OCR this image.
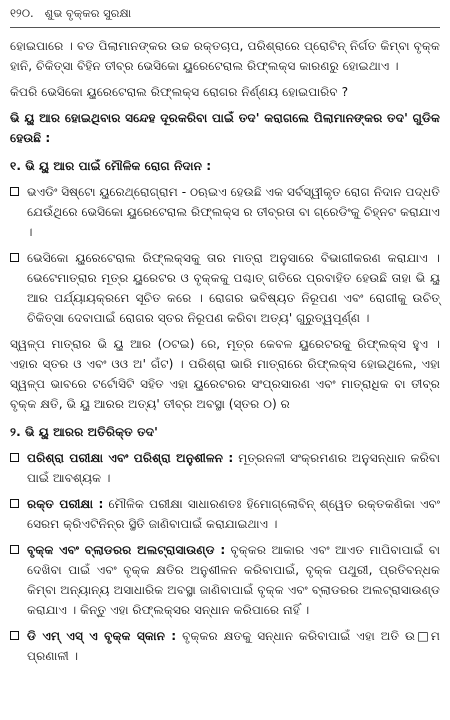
୧୨୦. ଶୁଭ ବୃକ୍କର ସୁରକ୍ଷା

ହୋଇପାରେ । ବଡ ପିଲାମାନଙ୍କର ଉଚ୍ଚ ରକ୍ତଚାପ, ପରିଶ୍ରାରେ ପ୍ରୋଟିନ୍ ନିର୍ଗତ କିମ୍ବା ବୃକ୍କ ହାନି, ଚିକିତ୍ସା ବିହିନ ତୀବ୍ର ଭେସିକୋ ୟୁରେଟେରାଲ ରିଫ୍ଲକ୍ସ କାରଣରୁ ହୋଇଥାଏ ।

କିପରି ଭେସିକୋ ୟୁରେଟେରାଲ ରିଫ୍ଲକ୍ସ ରୋଗର ନିର୍ଣ୍ଣୟ ହୋଇପାରିବ ?

ଭି ୟୁ ଆର ହୋଇଥିବାର ସନ୍ଦେହ ଦୂରକରିବା ପାଇଁ ତଦ' କରାଗଲେ ପିଲାମାନଙ୍କର ତଦ' ଗୁଡିକ ହେଉଛି :

୧. ଭି ୟୁ ଆର ପାଇଁ ମୌଳିକ ରୋଗ ନିଦାନ :

ଭଏଡିଂ ସିଷ୍ଟୋ ୟୁରେଥ୍ରୋଗ୍ରାମ - ଠଋଇଏ ହେଉଛି ଏକ ସର୍ବସ୍ୱୀକୃତ ରୋଗ ନିଦାନ ପଦ୍ଧତି ଯେଉଁଥିରେ ଭେସିକୋ ୟୁରେଟେରାଲ ରିଫ୍ଲକ୍ସ ର ତୀବ୍ରତା ବା ଗ୍ରେଡିଂକୁ ଚିହ୍ନଟ କରାଯାଏ ।
ଭେସିକୋ ୟୁରେଟେରାଲ ରିଫ୍ଲକ୍ସକୁ ତାର ମାତ୍ରା ଅନୁସାରେ ବିଭାଗୀକରଣ କରାଯାଏ । ଭେଟେମାତ୍ରାର ମୂତ୍ର ୟୁରେଟର ଓ ବୃକ୍କକୁ ପଶ୍ଚାତ୍ ଗତିରେ ପ୍ରବାହିତ ହେଉଛି ତାହା ଭି ୟୁ ଆର ପର୍ଯ୍ୟାୟକ୍ରମେ ସୂଚିତ କରେ । ରୋଗର ଭବିଷ୍ୟତ ନିରୂପଣ ଏବଂ ରୋଗୀକୁ ଉଚିତ୍ ଚିକିତ୍ସା ଦେବାପାଇଁ ରୋଗର ସ୍ତର ନିରୂପଣ କରିବା ଅତ୍ୟ' ଗୁରୁତ୍ୱପୂର୍ଣ୍ଣ ।

ସ୍ୱଳ୍ପ ମାତ୍ରାର ଭି ୟୁ ଆର (୦ଟଇ) ରେ, ମୂତ୍ର କେବଳ ୟୁରେଟରକୁ ରିଫ୍ଲକ୍ସ ହୁଏ । ଏହାର ସ୍ତର ଓ ଏବଂ ଓଓ ଅ' ଗଁଟ) । ପରିଶ୍ରା ଭାରି ମାତ୍ରାରେ ରିଫ୍ଲକ୍ସ ହୋଇଥିଲେ, ଏହା ସ୍ୱଳ୍ପ ଭାବରେ ଟର୍ଟୋସିଟି ସହିତ ଏହା ୟୁରେଟରର ସଂପ୍ରସାରଣ ଏବଂ ମାତ୍ରାଧିକ ବା ତୀବ୍ର ବୃକ୍କ କ୍ଷତି, ଭି ୟୁ ଆରର ଅତ୍ୟ' ତୀବ୍ର ଅବସ୍ଥା (ସ୍ତର ୦) ର

୨. ଭି ୟୁ ଆରର ଅତିରିକ୍ତ ତଦ'

ପରିଶ୍ରା ପରୀକ୍ଷା ଏବଂ ପରିଶ୍ରା ଅନୁଶୀଳନ : ମୂତ୍ରନଳୀ ସଂକ୍ରମଣର ଅନୁସନ୍ଧାନ କରିବା ପାଇଁ ଆବଶ୍ୟକ ।
ରକ୍ତ ପରୀକ୍ଷା : ମୌଳିକ ପରୀକ୍ଷା ସାଧାରଣତଃ ହିମୋଗ୍ଲୋବିନ୍ ଶ୍ୱେତ ରକ୍ତକଣିକା ଏବଂ ସେରମ କ୍ରିଏଟିନିନ୍‌ର ସ୍ଥିତି ଜାଣିବାପାଇଁ କରାଯାଇଥାଏ ।
ବୃକ୍କ ଏବଂ ବ୍ଲାଡରର ଅଲଟ୍ରାସାଉଣ୍ଡ : ବୃକ୍କର ଆକାର ଏବଂ ଆଏତ ମାପିବାପାଇଁ ବା ଦେଖିବା ପାଇଁ ଏବଂ ବୃକ୍କ କ୍ଷତିର ଅନୁଶୀଳନ କରିବାପାଇଁ, ବୃକ୍କ ପଥୁରୀ, ପ୍ରତିବନ୍ଧକ କିମ୍ବା ଅନ୍ୟାନ୍ୟ ଅସାଧାରିକ ଅବସ୍ଥା ଜାଣିବାପାଇଁ ବୃକ୍କ ଏବଂ ବ୍ଲାଡରର ଅଲଟ୍ରାସାଉଣ୍ଡ କରାଯାଏ । କିନ୍ତୁ ଏହା ରିଫ୍ଲକ୍ସର ସନ୍ଧାନ କରିପାରେ ନାହିଁ ।
ଡି ଏମ୍ ଏସ୍ ଏ ବୃକ୍କ ସ୍କାନ : ବୃକ୍କର କ୍ଷତକୁ ସନ୍ଧାନ କରିବାପାଇଁ ଏହା ଅତି ଉ□ମ ପ୍ରଣାଳୀ ।
